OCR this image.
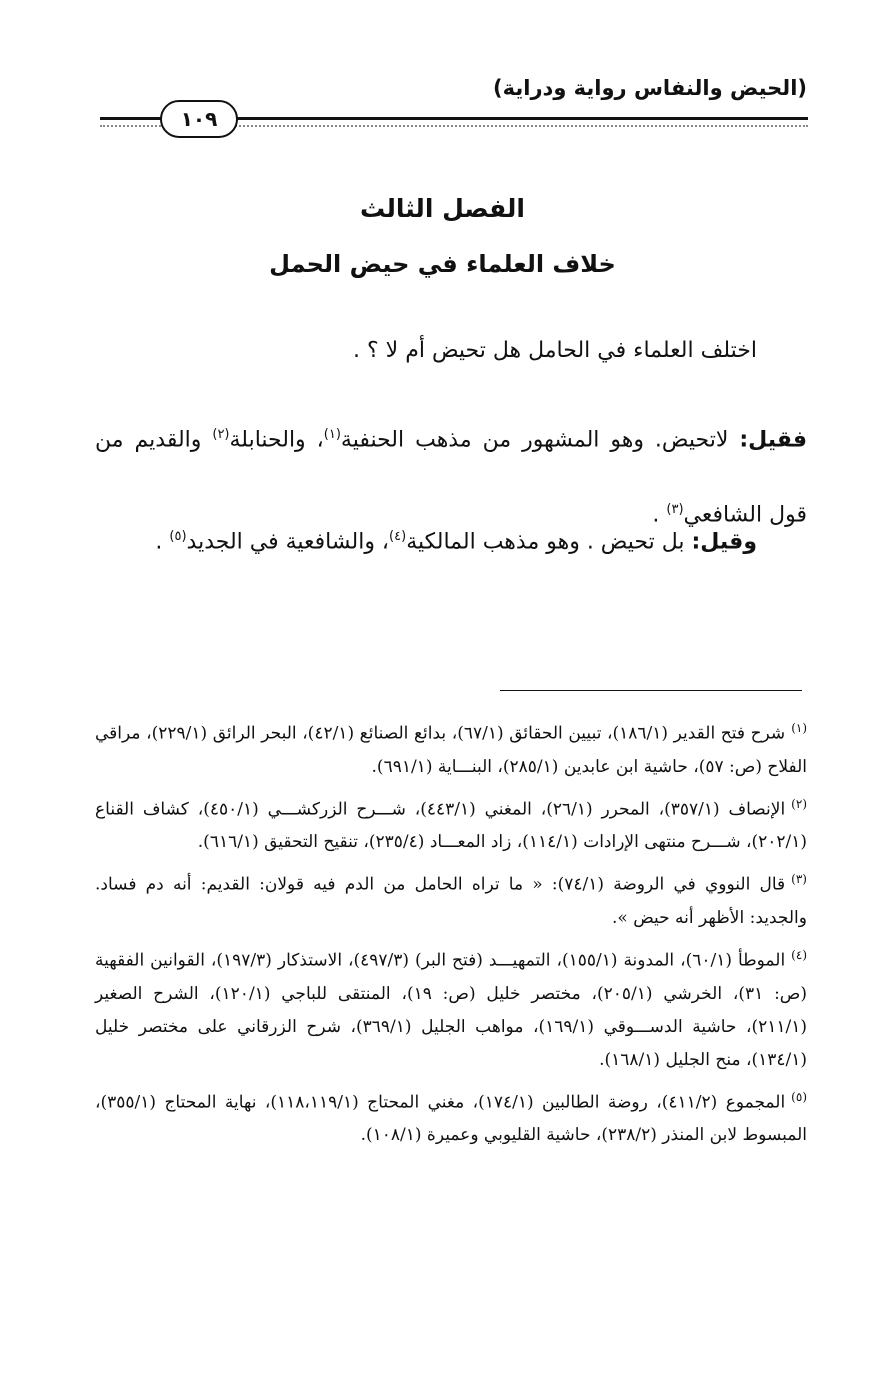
(الحيض والنفاس رواية ودراية)
١٠٩
الفصل الثالث
خلاف العلماء في حيض الحمل
اختلف العلماء في الحامل هل تحيض أم لا ؟ .
فقيل: لاتحيض. وهو المشهور من مذهب الحنفية$^{(١)}$، والحنابلة$^{(٢)}$ والقديم من قول الشافعي$^{(٣)}$ .
وقيل: بل تحيض . وهو مذهب المالكية$^{(٤)}$، والشافعية في الجديد$^{(٥)}$ .

$^{(١)}$شرح فتح القدير (١٨٦/١)، تبيين الحقائق (٦٧/١)، بدائع الصنائع (٤٢/١)، البحر الرائق (٢٢٩/١)، مراقي الفلاح (ص: ٥٧)، حاشية ابن عابدين (٢٨٥/١)، البنـــاية (٦٩١/١).

$^{(٢)}$الإنصاف (٣٥٧/١)، المحرر (٢٦/١)، المغني (٤٤٣/١)، شـــرح الزركشـــي (٤٥٠/١)، كشاف القناع (٢٠٢/١)، شـــرح منتهى الإرادات (١١٤/١)، زاد المعـــاد (٢٣٥/٤)، تنقيح التحقيق (٦١٦/١).

$^{(٣)}$قال النووي في الروضة (٧٤/١): « ما تراه الحامل من الدم فيه قولان: القديم: أنه دم فساد. والجديد: الأظهر أنه حيض ».

$^{(٤)}$الموطأ (٦٠/١)، المدونة (١٥٥/١)، التمهيـــد (فتح البر) (٤٩٧/٣)، الاستذكار (١٩٧/٣)، القوانين الفقهية (ص: ٣١)، الخرشي (٢٠٥/١)، مختصر خليل (ص: ١٩)، المنتقى للباجي (١٢٠/١)، الشرح الصغير (٢١١/١)، حاشية الدســـوقي (١٦٩/١)، مواهب الجليل (٣٦٩/١)، شرح الزرقاني على مختصر خليل (١٣٤/١)، منح الجليل (١٦٨/١).

$^{(٥)}$المجموع (٤١١/٢)، روضة الطالبين (١٧٤/١)، مغني المحتاج (١١٨،١١٩/١)، نهاية المحتاج (٣٥٥/١)، المبسوط لابن المنذر (٢٣٨/٢)، حاشية القليوبي وعميرة (١٠٨/١).
